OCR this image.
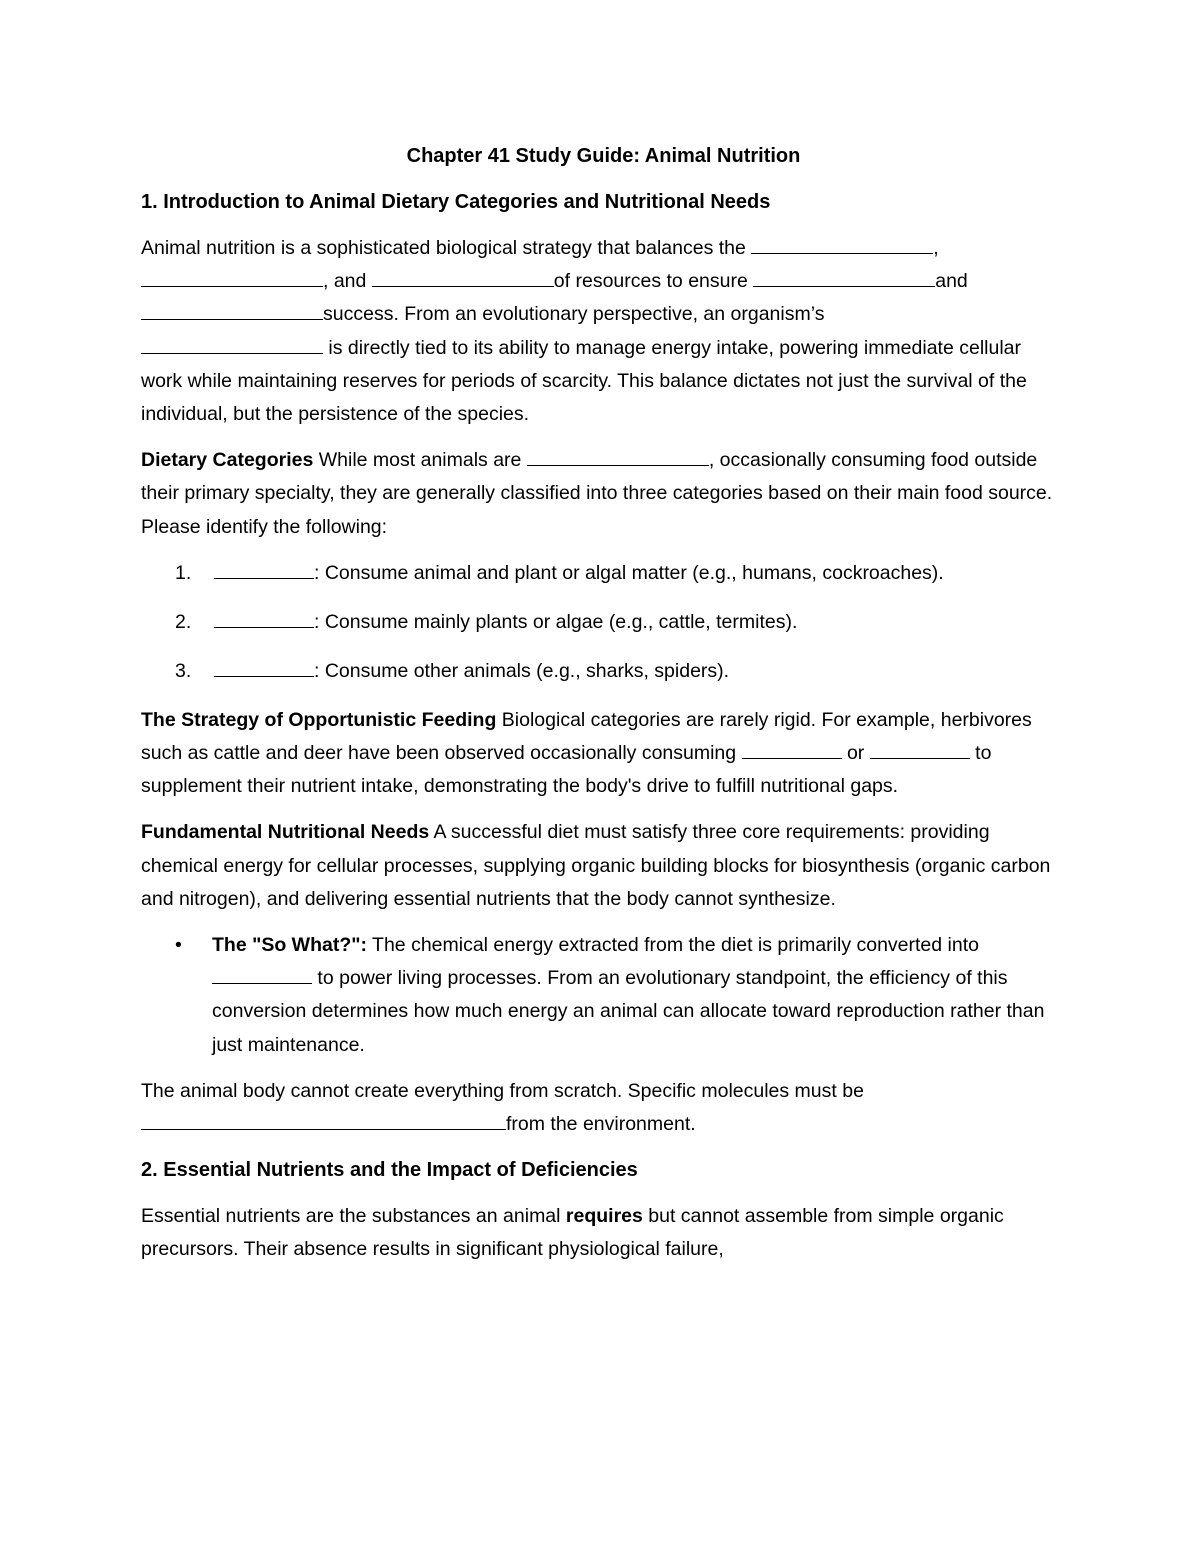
Chapter 41 Study Guide: Animal Nutrition
1. Introduction to Animal Dietary Categories and Nutritional Needs

Animal nutrition is a sophisticated biological strategy that balances the	,
, and	of resources to ensure	and
success. From an evolutionary perspective, an organism’s
is directly tied to its ability to manage energy intake, powering immediate cellular work while maintaining reserves for periods of scarcity. This balance dictates not just the survival of the individual, but the persistence of the species.

Dietary Categories While most animals are	, occasionally consuming food outside their primary specialty, they are generally classified into three categories based on their main food source. Please identify the following:

1.	: Consume animal and plant or algal matter (e.g., humans, cockroaches).
2.	: Consume mainly plants or algae (e.g., cattle, termites).
3.	: Consume other animals (e.g., sharks, spiders).

The Strategy of Opportunistic Feeding Biological categories are rarely rigid. For example, herbivores such as cattle and deer have been observed occasionally consuming	or	to supplement their nutrient intake, demonstrating the body's drive to fulfill nutritional gaps.

Fundamental Nutritional Needs A successful diet must satisfy three core requirements: providing chemical energy for cellular processes, supplying organic building blocks for biosynthesis (organic carbon and nitrogen), and delivering essential nutrients that the body cannot synthesize.

• The "So What?": The chemical energy extracted from the diet is primarily converted into  to power living processes. From an evolutionary standpoint, the efficiency of this conversion determines how much energy an animal can allocate toward reproduction rather than just maintenance.

The animal body cannot create everything from scratch. Specific molecules must be from the environment.

2. Essential Nutrients and the Impact of Deficiencies

Essential nutrients are the substances an animal requires but cannot assemble from simple organic precursors. Their absence results in significant physiological failure,
